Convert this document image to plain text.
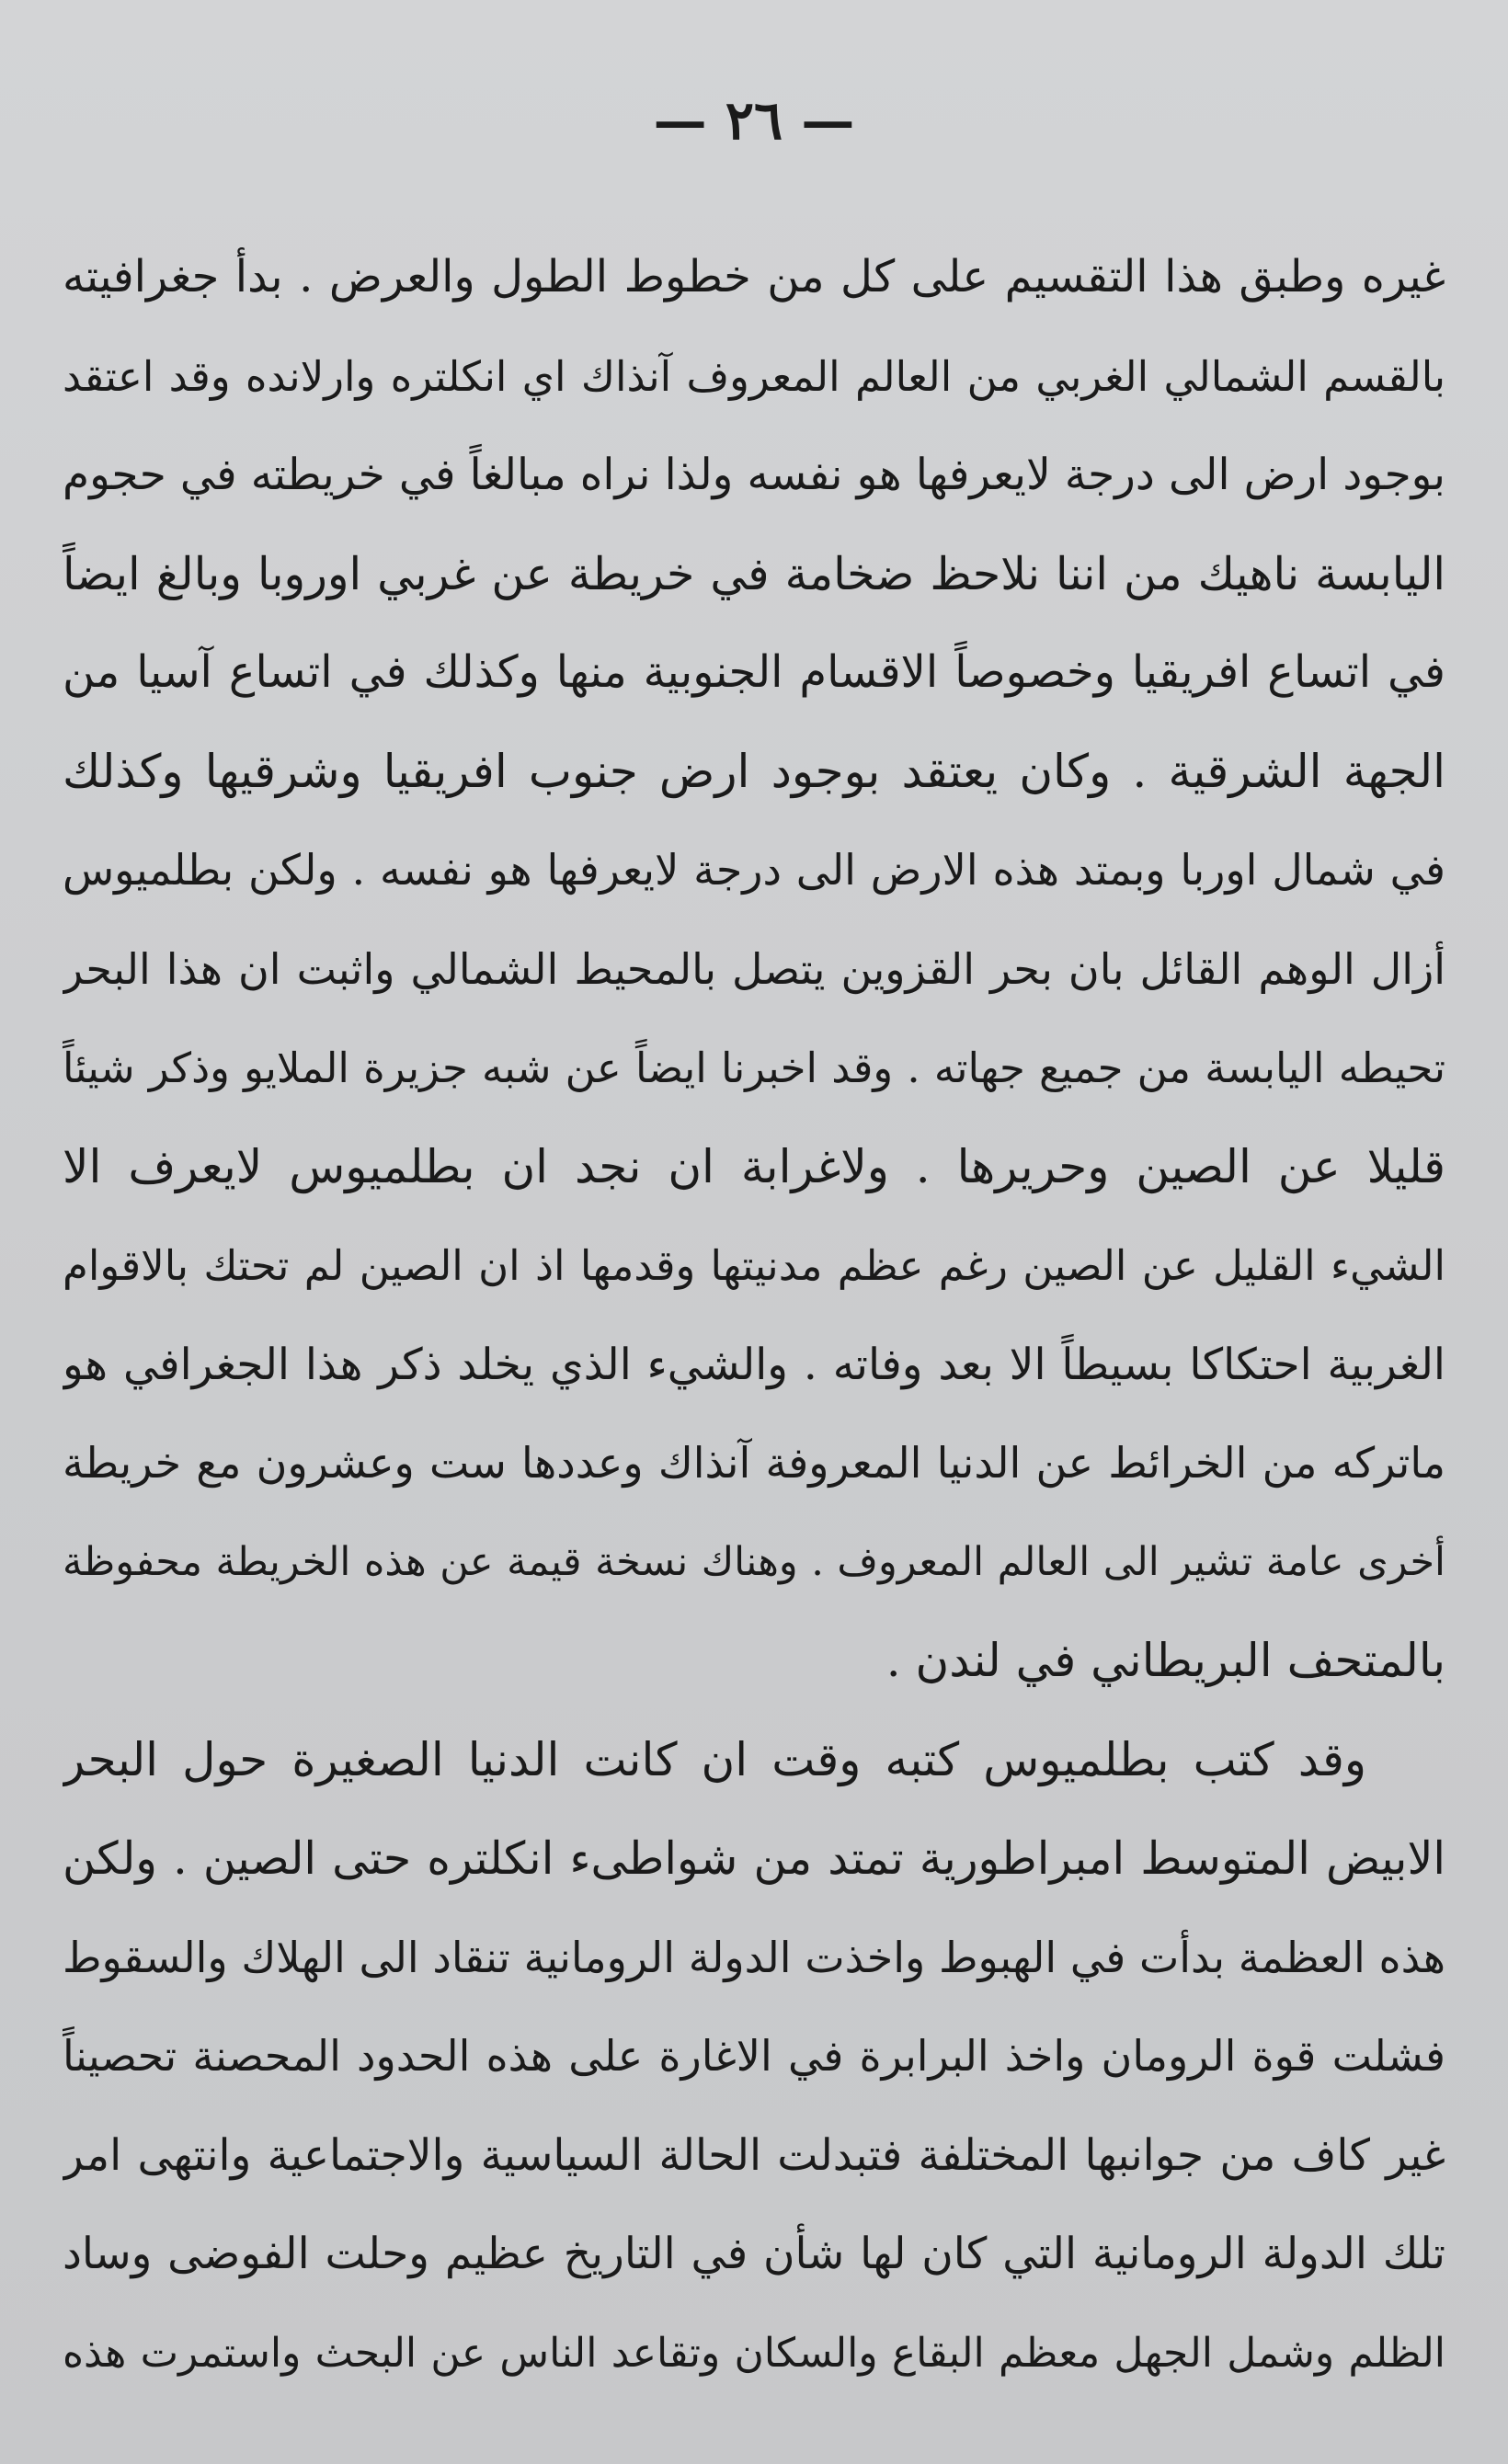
— ٢٦ —
غيره وطبق هذا التقسيم على كل من خطوط الطول والعرض . بدأ جغرافيته
بالقسم الشمالي الغربي من العالم المعروف آنذاك اي انكلتره وارلانده وقد اعتقد
بوجود ارض الى درجة لايعرفها هو نفسه ولذا نراه مبالغاً في خريطته في حجوم
اليابسة ناهيك من اننا نلاحظ ضخامة في خريطة عن غربي اوروبا وبالغ ايضاً
في اتساع افريقيا وخصوصاً الاقسام الجنوبية منها وكذلك في اتساع آسيا من
الجهة الشرقية . وكان يعتقد بوجود ارض جنوب افريقيا وشرقيها وكذلك
في شمال اوربا وبمتد هذه الارض الى درجة لايعرفها هو نفسه . ولكن بطلميوس
أزال الوهم القائل بان بحر القزوين يتصل بالمحيط الشمالي واثبت ان هذا البحر
تحيطه اليابسة من جميع جهاته . وقد اخبرنا ايضاً عن شبه جزيرة الملايو وذكر شيئاً
قليلا عن الصين وحريرها . ولاغرابة ان نجد ان بطلميوس لايعرف الا
الشيء القليل عن الصين رغم عظم مدنيتها وقدمها اذ ان الصين لم تحتك بالاقوام
الغربية احتكاكا بسيطاً الا بعد وفاته . والشيء الذي يخلد ذكر هذا الجغرافي هو
ماتركه من الخرائط عن الدنيا المعروفة آنذاك وعددها ست وعشرون مع خريطة
أخرى عامة تشير الى العالم المعروف . وهناك نسخة قيمة عن هذه الخريطة محفوظة
بالمتحف البريطاني في لندن .
وقد كتب بطلميوس كتبه وقت ان كانت الدنيا الصغيرة حول البحر
الابيض المتوسط امبراطورية تمتد من شواطىء انكلتره حتى الصين . ولكن
هذه العظمة بدأت في الهبوط واخذت الدولة الرومانية تنقاد الى الهلاك والسقوط
فشلت قوة الرومان واخذ البرابرة في الاغارة على هذه الحدود المحصنة تحصيناً
غير كاف من جوانبها المختلفة فتبدلت الحالة السياسية والاجتماعية وانتهى امر
تلك الدولة الرومانية التي كان لها شأن في التاريخ عظيم وحلت الفوضى وساد
الظلم وشمل الجهل معظم البقاع والسكان وتقاعد الناس عن البحث واستمرت هذه
